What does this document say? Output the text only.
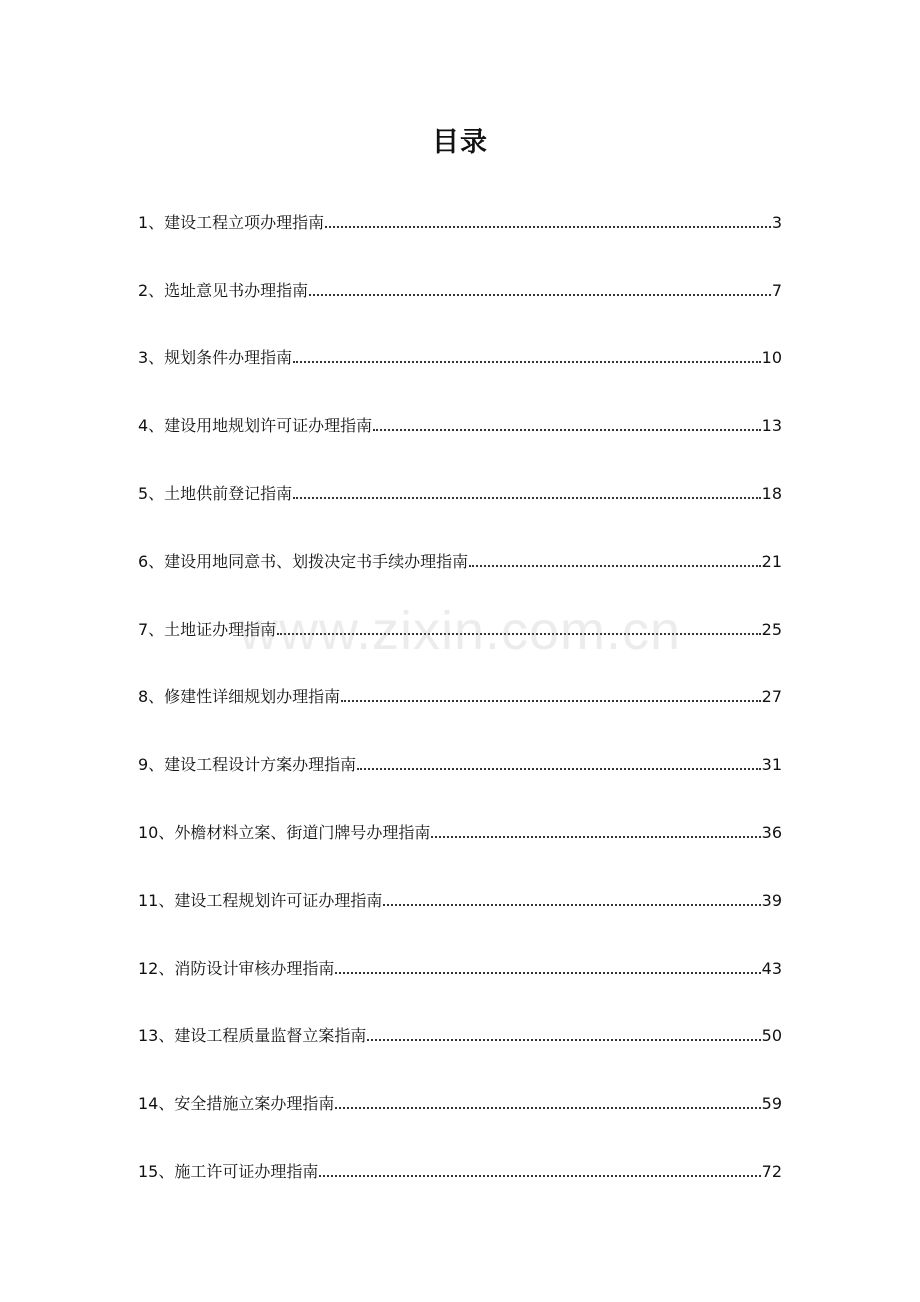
目录
1、建设工程立项办理指南	3
2、选址意见书办理指南	7
3、规划条件办理指南	10
4、建设用地规划许可证办理指南	13
5、土地供前登记指南	18
6、建设用地同意书、划拨决定书手续办理指南	21
7、土地证办理指南	25
8、修建性详细规划办理指南	27
9、建设工程设计方案办理指南	31
10、外檐材料立案、街道门牌号办理指南	36
11、建设工程规划许可证办理指南	39
12、消防设计审核办理指南	43
13、建设工程质量监督立案指南	50
14、安全措施立案办理指南	59
15、施工许可证办理指南	72
www.zixin.com.cn
